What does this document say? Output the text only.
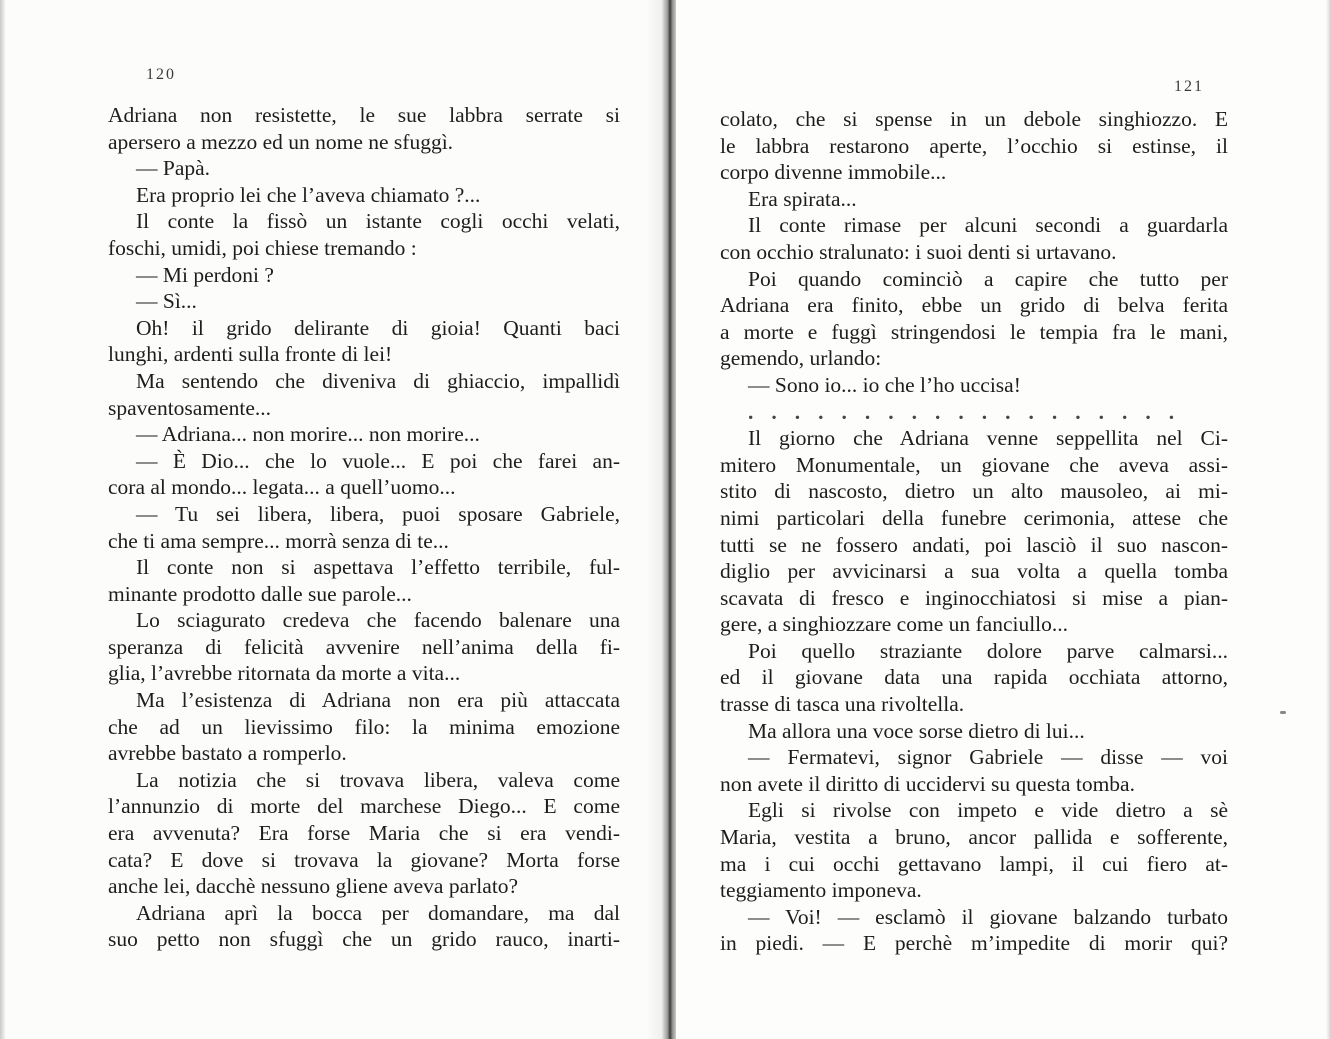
120
Adriana non resistette, le sue labbra serrate si
apersero a mezzo ed un nome ne sfuggì.
— Papà.
Era proprio lei che l’aveva chiamato ?...
Il conte la fissò un istante cogli occhi velati,
foschi, umidi, poi chiese tremando :
— Mi perdoni ?
— Sì...
Oh! il grido delirante di gioia! Quanti baci
lunghi, ardenti sulla fronte di lei!
Ma sentendo che diveniva di ghiaccio, impallidì
spaventosamente...
— Adriana... non morire... non morire...
— È Dio... che lo vuole... E poi che farei an-
cora al mondo... legata... a quell’uomo...
— Tu sei libera, libera, puoi sposare Gabriele,
che ti ama sempre... morrà senza di te...
Il conte non si aspettava l’effetto terribile, ful-
minante prodotto dalle sue parole...
Lo sciagurato credeva che facendo balenare una
speranza di felicità avvenire nell’anima della fi-
glia, l’avrebbe ritornata da morte a vita...
Ma l’esistenza di Adriana non era più attaccata
che ad un lievissimo filo: la minima emozione
avrebbe bastato a romperlo.
La notizia che si trovava libera, valeva come
l’annunzio di morte del marchese Diego... E come
era avvenuta? Era forse Maria che si era vendi-
cata? E dove si trovava la giovane? Morta forse
anche lei, dacchè nessuno gliene aveva parlato?
Adriana aprì la bocca per domandare, ma dal
suo petto non sfuggì che un grido rauco, inarti-
121
colato, che si spense in un debole singhiozzo. E
le labbra restarono aperte, l’occhio si estinse, il
corpo divenne immobile...
Era spirata...
Il conte rimase per alcuni secondi a guardarla
con occhio stralunato: i suoi denti si urtavano.
Poi quando cominciò a capire che tutto per
Adriana era finito, ebbe un grido di belva ferita
a morte e fuggì stringendosi le tempia fra le mani,
gemendo, urlando:
— Sono io... io che l’ho uccisa!
...................
Il giorno che Adriana venne seppellita nel Ci-
mitero Monumentale, un giovane che aveva assi-
stito di nascosto, dietro un alto mausoleo, ai mi-
nimi particolari della funebre cerimonia, attese che
tutti se ne fossero andati, poi lasciò il suo nascon-
diglio per avvicinarsi a sua volta a quella tomba
scavata di fresco e inginocchiatosi si mise a pian-
gere, a singhiozzare come un fanciullo...
Poi quello straziante dolore parve calmarsi...
ed il giovane data una rapida occhiata attorno,
trasse di tasca una rivoltella.
Ma allora una voce sorse dietro di lui...
— Fermatevi, signor Gabriele — disse — voi
non avete il diritto di uccidervi su questa tomba.
Egli si rivolse con impeto e vide dietro a sè
Maria, vestita a bruno, ancor pallida e sofferente,
ma i cui occhi gettavano lampi, il cui fiero at-
teggiamento imponeva.
— Voi! — esclamò il giovane balzando turbato
in piedi. — E perchè m’impedite di morir qui?
